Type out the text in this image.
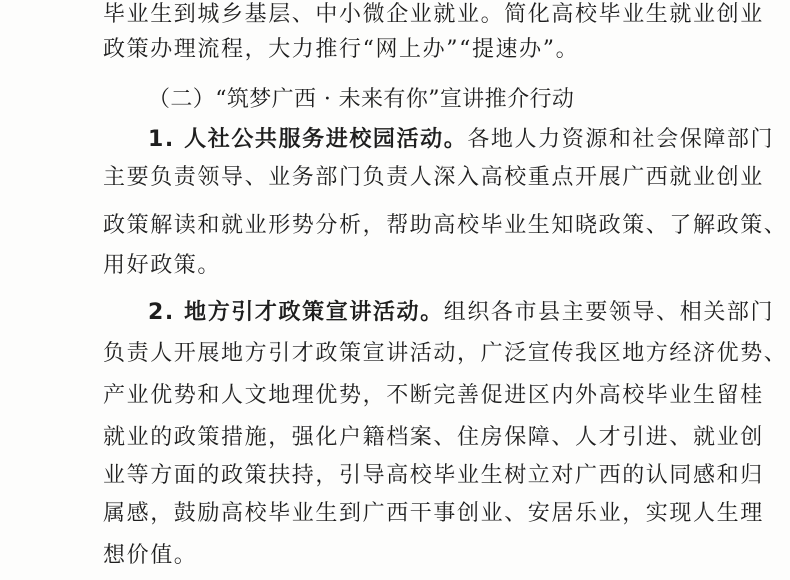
毕业生到城乡基层、中小微企业就业。简化高校毕业生就业创业
政策办理流程，大力推行“网上办”“提速办”。
（二）“筑梦广西 · 未来有你”宣讲推介行动
1. 人社公共服务进校园活动。各地人力资源和社会保障部门
主要负责领导、业务部门负责人深入高校重点开展广西就业创业
政策解读和就业形势分析，帮助高校毕业生知晓政策、了解政策、
用好政策。
2. 地方引才政策宣讲活动。组织各市县主要领导、相关部门
负责人开展地方引才政策宣讲活动，广泛宣传我区地方经济优势、
产业优势和人文地理优势，不断完善促进区内外高校毕业生留桂
就业的政策措施，强化户籍档案、住房保障、人才引进、就业创
业等方面的政策扶持，引导高校毕业生树立对广西的认同感和归
属感，鼓励高校毕业生到广西干事创业、安居乐业，实现人生理
想价值。
